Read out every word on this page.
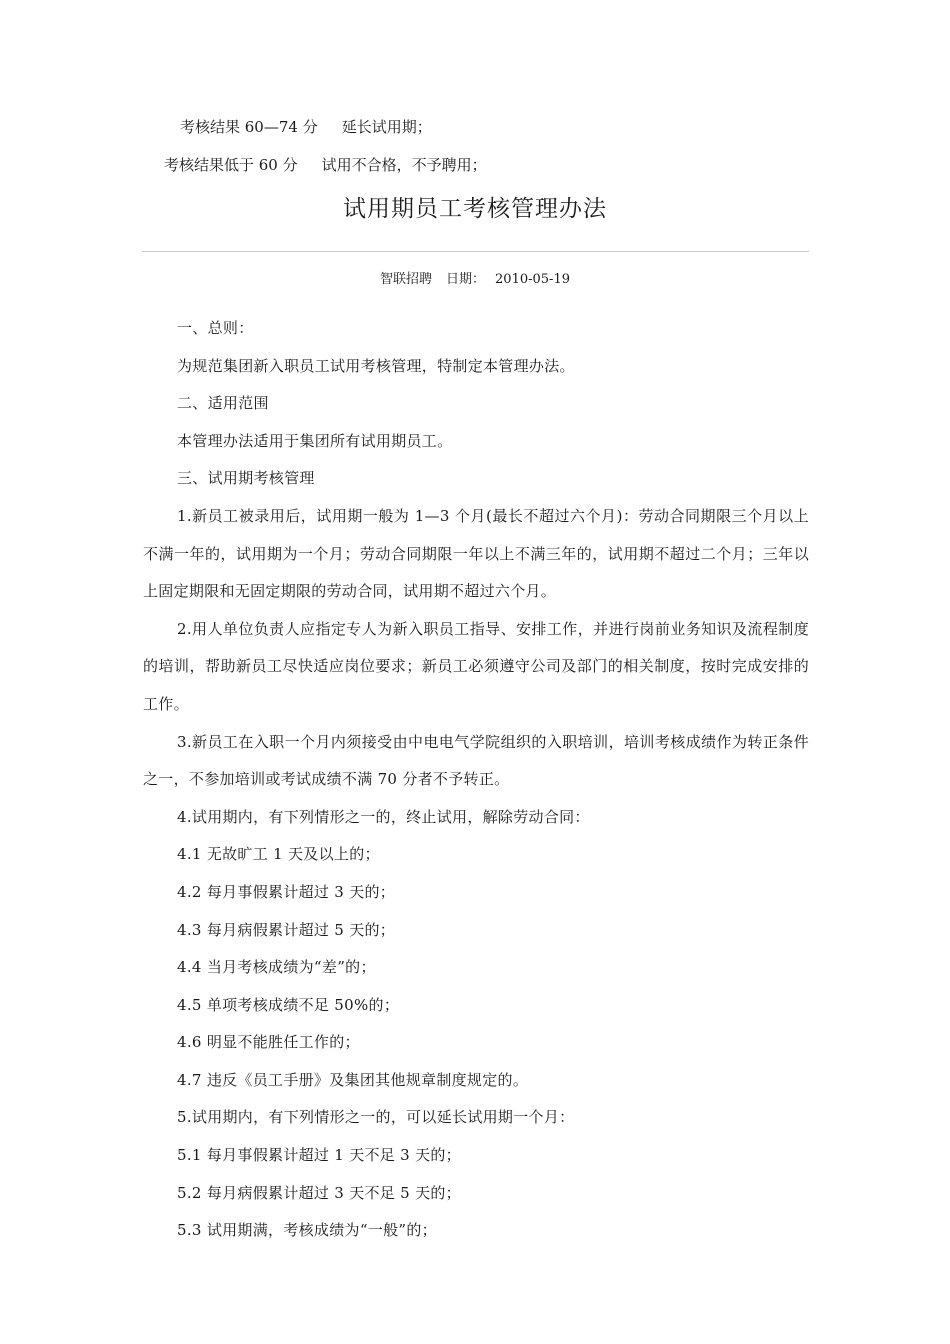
考核结果 60—74 分 延长试用期；
考核结果低于 60 分 试用不合格，不予聘用；
试用期员工考核管理办法
智联招聘 日期： 2010-05-19

一、总则：

为规范集团新入职员工试用考核管理，特制定本管理办法。

二、适用范围

本管理办法适用于集团所有试用期员工。

三、试用期考核管理

1.新员工被录用后，试用期一般为 1—3 个月(最长不超过六个月)：劳动合同期限三个月以上不满一年的，试用期为一个月；劳动合同期限一年以上不满三年的，试用期不超过二个月；三年以上固定期限和无固定期限的劳动合同，试用期不超过六个月。

2.用人单位负责人应指定专人为新入职员工指导、安排工作，并进行岗前业务知识及流程制度的培训，帮助新员工尽快适应岗位要求；新员工必须遵守公司及部门的相关制度，按时完成安排的工作。

3.新员工在入职一个月内须接受由中电电气学院组织的入职培训，培训考核成绩作为转正条件之一，不参加培训或考试成绩不满 70 分者不予转正。

4.试用期内，有下列情形之一的，终止试用，解除劳动合同：

4.1 无故旷工 1 天及以上的；

4.2 每月事假累计超过 3 天的；

4.3 每月病假累计超过 5 天的；

4.4 当月考核成绩为“差”的；

4.5 单项考核成绩不足 50%的；

4.6 明显不能胜任工作的；

4.7 违反《员工手册》及集团其他规章制度规定的。

5.试用期内，有下列情形之一的，可以延长试用期一个月：

5.1 每月事假累计超过 1 天不足 3 天的；

5.2 每月病假累计超过 3 天不足 5 天的；

5.3 试用期满，考核成绩为“一般”的；
